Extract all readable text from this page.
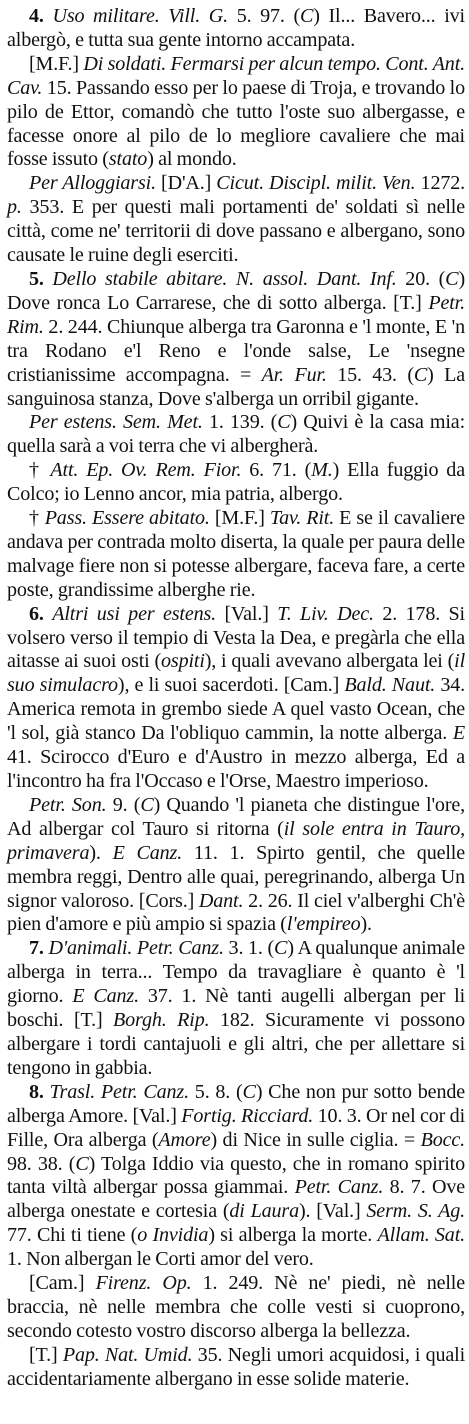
4. Uso militare. Vill. G. 5. 97. (C) Il... Bavero... ivi albergò, e tutta sua gente intorno accampata.

[M.F.] Di soldati. Fermarsi per alcun tempo. Cont. Ant. Cav. 15. Passando esso per lo paese di Troja, e trovando lo pilo de Ettor, comandò che tutto l'oste suo albergasse, e facesse onore al pilo de lo megliore cavaliere che mai fosse issuto (stato) al mondo.

Per Alloggiarsi. [D'A.] Cicut. Discipl. milit. Ven. 1272. p. 353. E per questi mali portamenti de' soldati sì nelle città, come ne' territorii di dove passano e albergano, sono causate le ruine degli eserciti.

5. Dello stabile abitare. N. assol. Dant. Inf. 20. (C) Dove ronca Lo Carrarese, che di sotto alberga. [T.] Petr. Rim. 2. 244. Chiunque alberga tra Garonna e 'l monte, E 'n tra Rodano e'l Reno e l'onde salse, Le 'nsegne cristianissime accompagna. = Ar. Fur. 15. 43. (C) La sanguinosa stanza, Dove s'alberga un orribil gigante.

Per estens. Sem. Met. 1. 139. (C) Quivi è la casa mia: quella sarà a voi terra che vi albergherà.

† Att. Ep. Ov. Rem. Fior. 6. 71. (M.) Ella fuggio da Colco; io Lenno ancor, mia patria, albergo.

† Pass. Essere abitato. [M.F.] Tav. Rit. E se il cavaliere andava per contrada molto diserta, la quale per paura delle malvage fiere non si potesse albergare, faceva fare, a certe poste, grandissime alberghe rie.

6. Altri usi per estens. [Val.] T. Liv. Dec. 2. 178. Si volsero verso il tempio di Vesta la Dea, e pregàrla che ella aitasse ai suoi osti (ospiti), i quali avevano albergata lei (il suo simulacro), e li suoi sacerdoti. [Cam.] Bald. Naut. 34. America remota in grembo siede A quel vasto Ocean, che 'l sol, già stanco Da l'obliquo cammin, la notte alberga. E 41. Scirocco d'Euro e d'Austro in mezzo alberga, Ed a l'incontro ha fra l'Occaso e l'Orse, Maestro imperioso.

Petr. Son. 9. (C) Quando 'l pianeta che distingue l'ore, Ad albergar col Tauro si ritorna (il sole entra in Tauro, primavera). E Canz. 11. 1. Spirto gentil, che quelle membra reggi, Dentro alle quai, peregrinando, alberga Un signor valoroso. [Cors.] Dant. 2. 26. Il ciel v'alberghi Ch'è pien d'amore e più ampio si spazia (l'empireo).

7. D'animali. Petr. Canz. 3. 1. (C) A qualunque animale alberga in terra... Tempo da travagliare è quanto è 'l giorno. E Canz. 37. 1. Nè tanti augelli albergan per li boschi. [T.] Borgh. Rip. 182. Sicuramente vi possono albergare i tordi cantajuoli e gli altri, che per allettare si tengono in gabbia.

8. Trasl. Petr. Canz. 5. 8. (C) Che non pur sotto bende alberga Amore. [Val.] Fortig. Ricciard. 10. 3. Or nel cor di Fille, Ora alberga (Amore) di Nice in sulle ciglia. = Bocc. 98. 38. (C) Tolga Iddio via questo, che in romano spirito tanta viltà albergar possa giammai. Petr. Canz. 8. 7. Ove alberga onestate e cortesia (di Laura). [Val.] Serm. S. Ag. 77. Chi ti tiene (o Invidia) si alberga la morte. Allam. Sat. 1. Non albergan le Corti amor del vero.

[Cam.] Firenz. Op. 1. 249. Nè ne' piedi, nè nelle braccia, nè nelle membra che colle vesti si cuoprono, secondo cotesto vostro discorso alberga la bellezza.

[T.] Pap. Nat. Umid. 35. Negli umori acquidosi, i quali accidentariamente albergano in esse solide materie.
